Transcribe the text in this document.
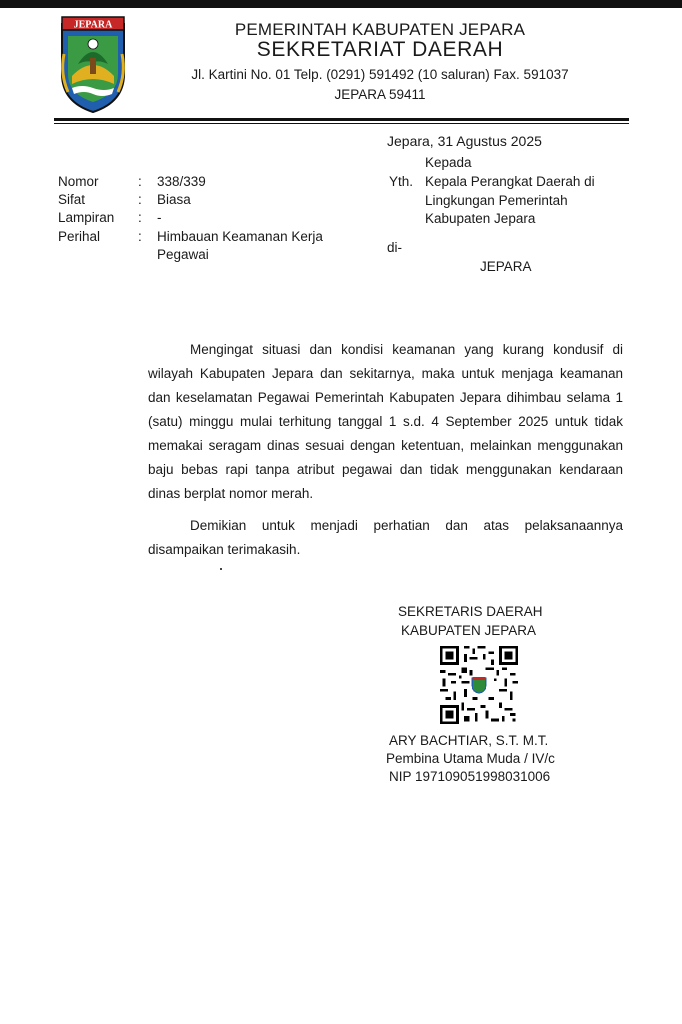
JEPARA	PEMERINTAH KABUPATEN JEPARA
SEKRETARIAT DAERAH
Jl. Kartini No. 01 Telp. (0291) 591492 (10 saluran) Fax. 591037
JEPARA 59411
Jepara, 31 Agustus 2025
Kepada
Yth. Kepala Perangkat Daerah di
Lingkungan Pemerintah
Kabupaten Jepara
di-
JEPARA
Nomor	: 338/339
Sifat	: Biasa
Lampiran : -
Perihal	: Himbauan Keamanan Kerja
Pegawai

Mengingat situasi dan kondisi keamanan yang kurang kondusif di wilayah Kabupaten Jepara dan sekitarnya, maka untuk menjaga keamanan dan keselamatan Pegawai Pemerintah Kabupaten Jepara dihimbau selama 1 (satu) minggu mulai terhitung tanggal 1 s.d. 4 September 2025 untuk tidak memakai seragam dinas sesuai dengan ketentuan, melainkan menggunakan baju bebas rapi tanpa atribut pegawai dan tidak menggunakan kendaraan dinas berplat nomor merah.

Demikian untuk menjadi perhatian dan atas pelaksanaannya disampaikan terimakasih.

SEKRETARIS DAERAH
KABUPATEN JEPARA
ARY BACHTIAR, S.T. M.T.
Pembina Utama Muda / IV/c
NIP 197109051998031006
